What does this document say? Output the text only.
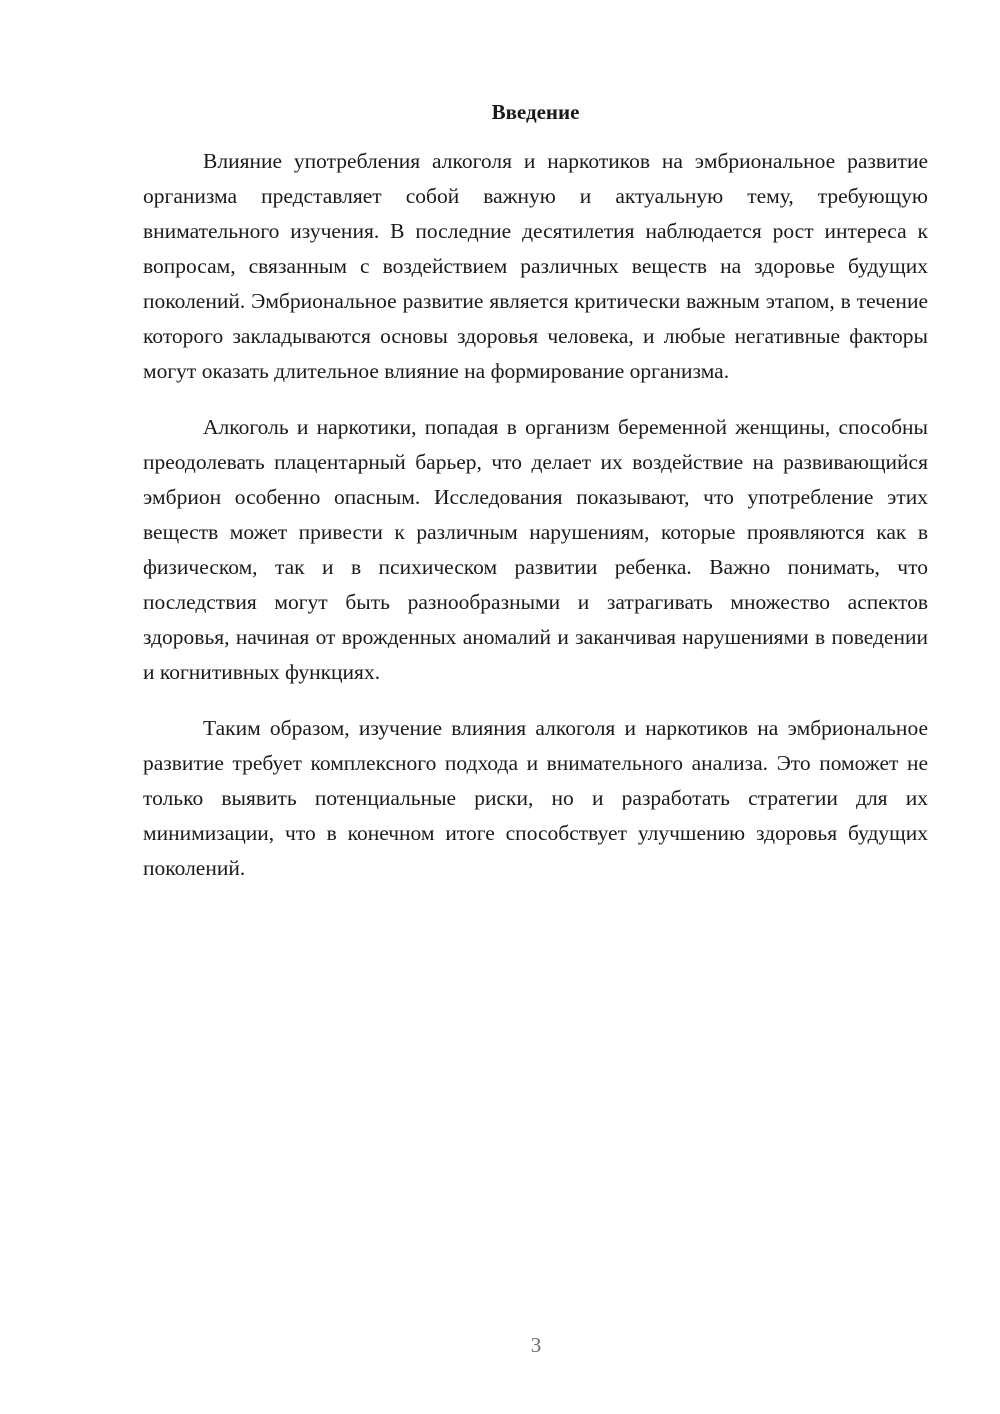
Введение

Влияние употребления алкоголя и наркотиков на эмбриональное развитие организма представляет собой важную и актуальную тему, требующую внимательного изучения. В последние десятилетия наблюдается рост интереса к вопросам, связанным с воздействием различных веществ на здоровье будущих поколений. Эмбриональное развитие является критически важным этапом, в течение которого закладываются основы здоровья человека, и любые негативные факторы могут оказать длительное влияние на формирование организма.

Алкоголь и наркотики, попадая в организм беременной женщины, способны преодолевать плацентарный барьер, что делает их воздействие на развивающийся эмбрион особенно опасным. Исследования показывают, что употребление этих веществ может привести к различным нарушениям, которые проявляются как в физическом, так и в психическом развитии ребенка. Важно понимать, что последствия могут быть разнообразными и затрагивать множество аспектов здоровья, начиная от врожденных аномалий и заканчивая нарушениями в поведении и когнитивных функциях.

Таким образом, изучение влияния алкоголя и наркотиков на эмбриональное развитие требует комплексного подхода и внимательного анализа. Это поможет не только выявить потенциальные риски, но и разработать стратегии для их минимизации, что в конечном итоге способствует улучшению здоровья будущих поколений.

3
